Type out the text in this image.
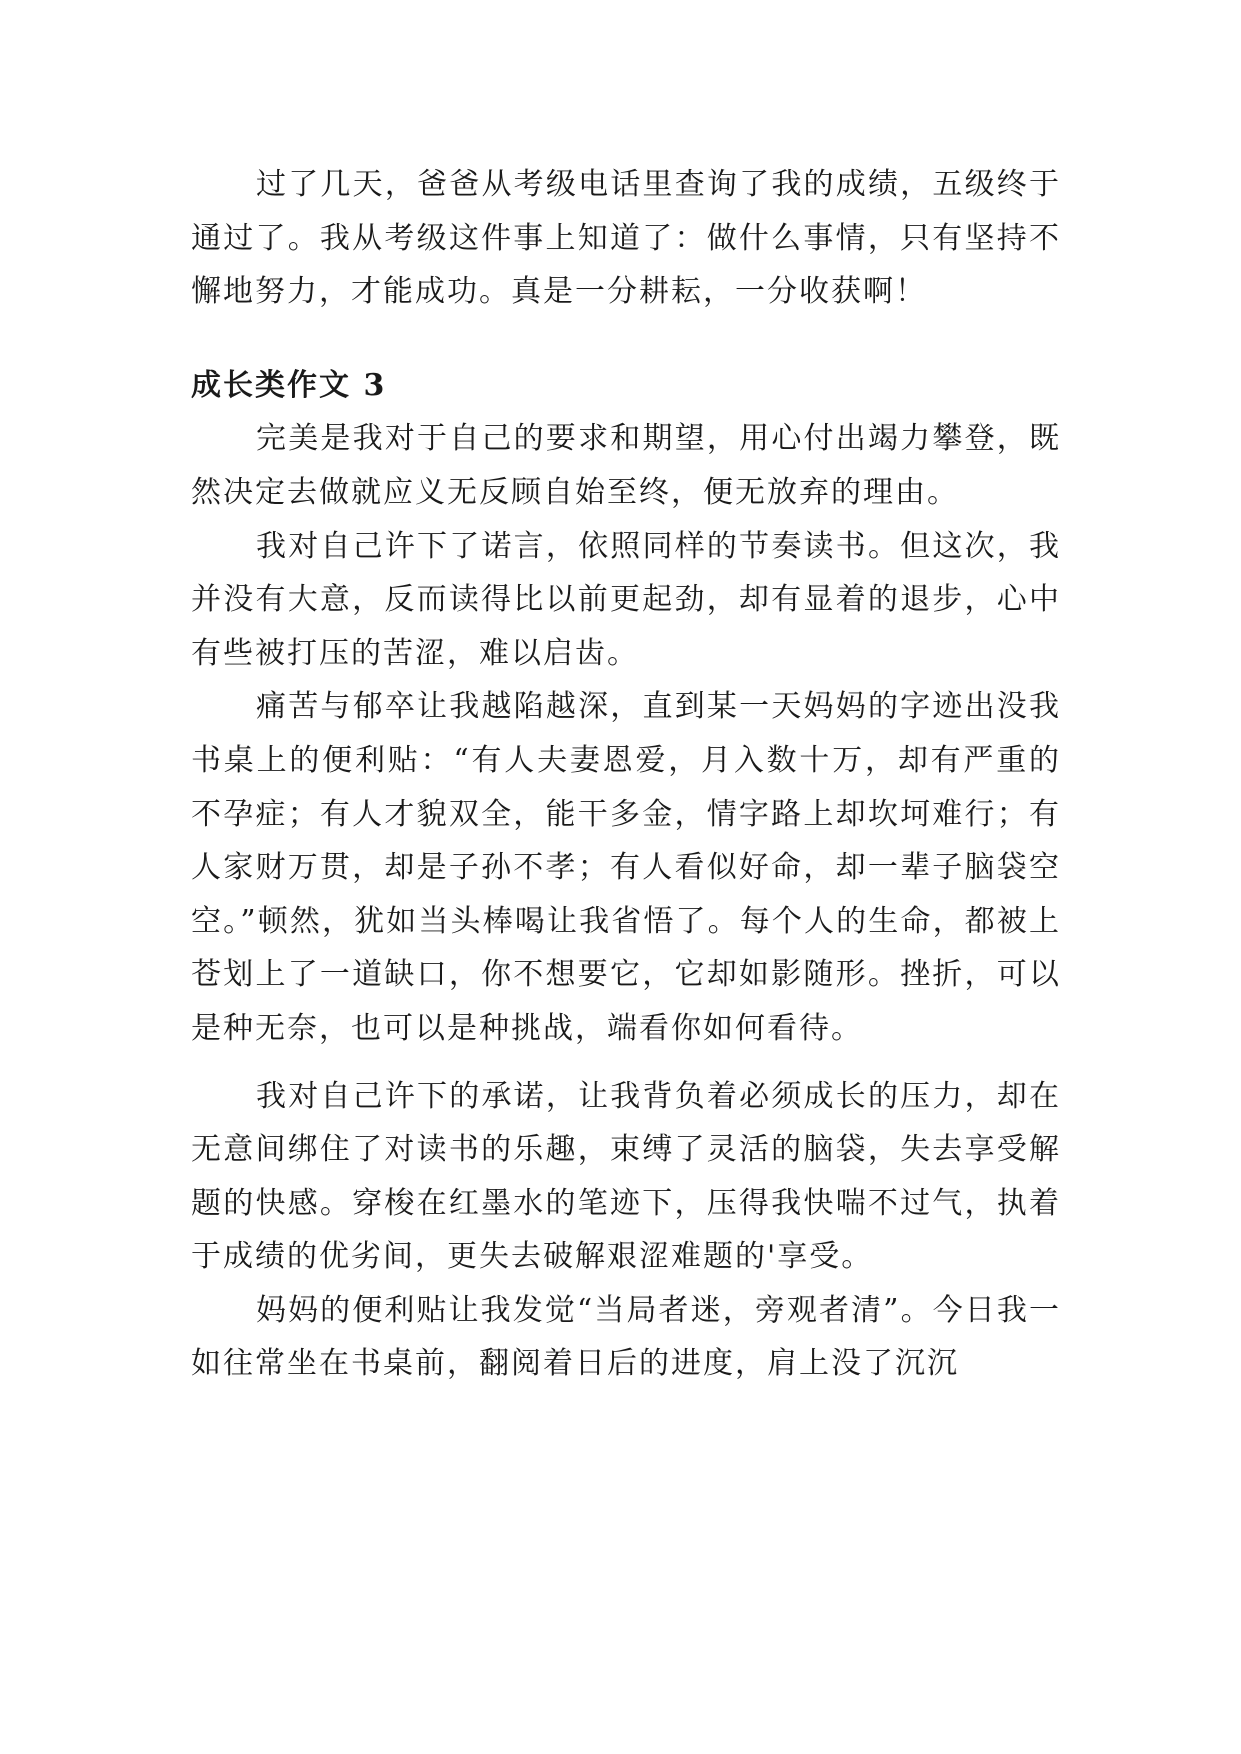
过了几天，爸爸从考级电话里查询了我的成绩，五级终于通过了。我从考级这件事上知道了：做什么事情，只有坚持不懈地努力，才能成功。真是一分耕耘，一分收获啊！

成长类作文 3

完美是我对于自己的要求和期望，用心付出竭力攀登，既然决定去做就应义无反顾自始至终，便无放弃的理由。

我对自己许下了诺言，依照同样的节奏读书。但这次，我并没有大意，反而读得比以前更起劲，却有显着的退步，心中有些被打压的苦涩，难以启齿。

痛苦与郁卒让我越陷越深，直到某一天妈妈的字迹出没我书桌上的便利贴：“有人夫妻恩爱，月入数十万，却有严重的不孕症；有人才貌双全，能干多金，情字路上却坎坷难行；有人家财万贯，却是子孙不孝；有人看似好命，却一辈子脑袋空空。”顿然，犹如当头棒喝让我省悟了。每个人的生命，都被上苍划上了一道缺口，你不想要它，它却如影随形。挫折，可以是种无奈，也可以是种挑战，端看你如何看待。

我对自己许下的承诺，让我背负着必须成长的压力，却在无意间绑住了对读书的乐趣，束缚了灵活的脑袋，失去享受解题的快感。穿梭在红墨水的笔迹下，压得我快喘不过气，执着于成绩的优劣间，更失去破解艰涩难题的'享受。

妈妈的便利贴让我发觉“当局者迷，旁观者清”。今日我一如往常坐在书桌前，翻阅着日后的进度，肩上没了沉沉
